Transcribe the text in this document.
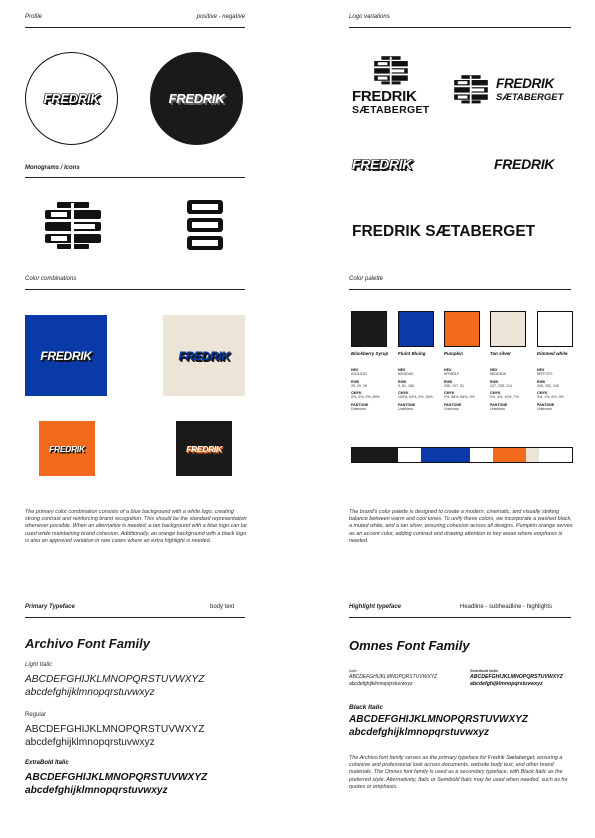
Profile	positive - negative
FREDRIK	FREDRIK
Monograms / Icons
Color combinations
FREDRIK	FREDRIK
FREDRIK	FREDRIK

The primary color combination consists of a blue background with a white logo, creating strong contrast and reinforcing brand recognition. This should be the standard representation whenever possible. When an alternative is needed, a tan background with a blue logo can be used while maintaining brand cohesion. Additionally, an orange background with a black logo is also an approved variation in rare cases where an extra highlight is needed.

Primary Typeface	body text
Archivo Font Family
Light Italic
ABCDEFGHIJKLMNOPQRSTUVWXYZ
abcdefghijklmnopqrstuvwxyz
Regular
ABCDEFGHIJKLMNOPQRSTUVWXYZ
abcdefghijklmnopqrstuvwxyz
ExtraBold Italic
ABCDEFGHIJKLMNOPQRSTUVWXYZ
abcdefghijklmnopqrstuvwxyz
Logo variations
FREDRIK
SÆTABERGET
FREDRIK
SÆTABERGET
FREDRIK	FREDRIK
FREDRIK SÆTABERGET
Color palette
Blackberry Syrup
HEX
#1D1D1D
RGB
29, 29, 29
CMYK
0%, 0%, 0%, 89%
PANTONE
Unknown
Fluint Bluing
HEX
#003DA5
RGB
0, 61, 165
CMYK
100%, 63%, 0%, 35%
PANTONE
Unknown
Pumpkin
HEX
#FF6B1F
RGB
255, 107, 31
CMYK
0%, 58%, 88%, 0%
PANTONE
Unknown
Tan silver
HEX
#EDE4D6
RGB
237, 228, 214
CMYK
0%, 4%, 10%, 7%
PANTONE
Unknown
Dimmed white
HEX
#FFFCF0
RGB
255, 252, 240
CMYK
0%, 1%, 6%, 0%
PANTONE
Unknown

The brand's color palette is designed to create a modern, cinematic, and visually striking balance between warm and cool tones. To unify these colors, we incorporate a washed black, a muted white, and a tan silver, ensuring cohesion across all designs. Pumpkin orange serves as an accent color, adding contrast and drawing attention to key areas where emphasis is needed.

Highlight typeface	Headline - subheadline - highlights
Omnes Font Family
Italic
ABCDEFGHIJKLMNOPQRSTUVWXYZ
abcdefghijklmnopqrstuvwxyz
Semibold Italic
ABCDEFGHIJKLMNOPQRSTUVWXYZ
abcdefghijklmnopqrstuvwxyz
Black Italic
ABCDEFGHIJKLMNOPQRSTUVWXYZ
abcdefghijklmnopqrstuvwxyz

The Archivo font family serves as the primary typeface for Fredrik Sætaberget, ensuring a cohesive and professional look across documents, website body text, and other brand materials. The Omnes font family is used as a secondary typeface, with Black Italic as the preferred style. Alternatively, Italic or Semibold Italic may be used when needed, such as for quotes or emphasis.
